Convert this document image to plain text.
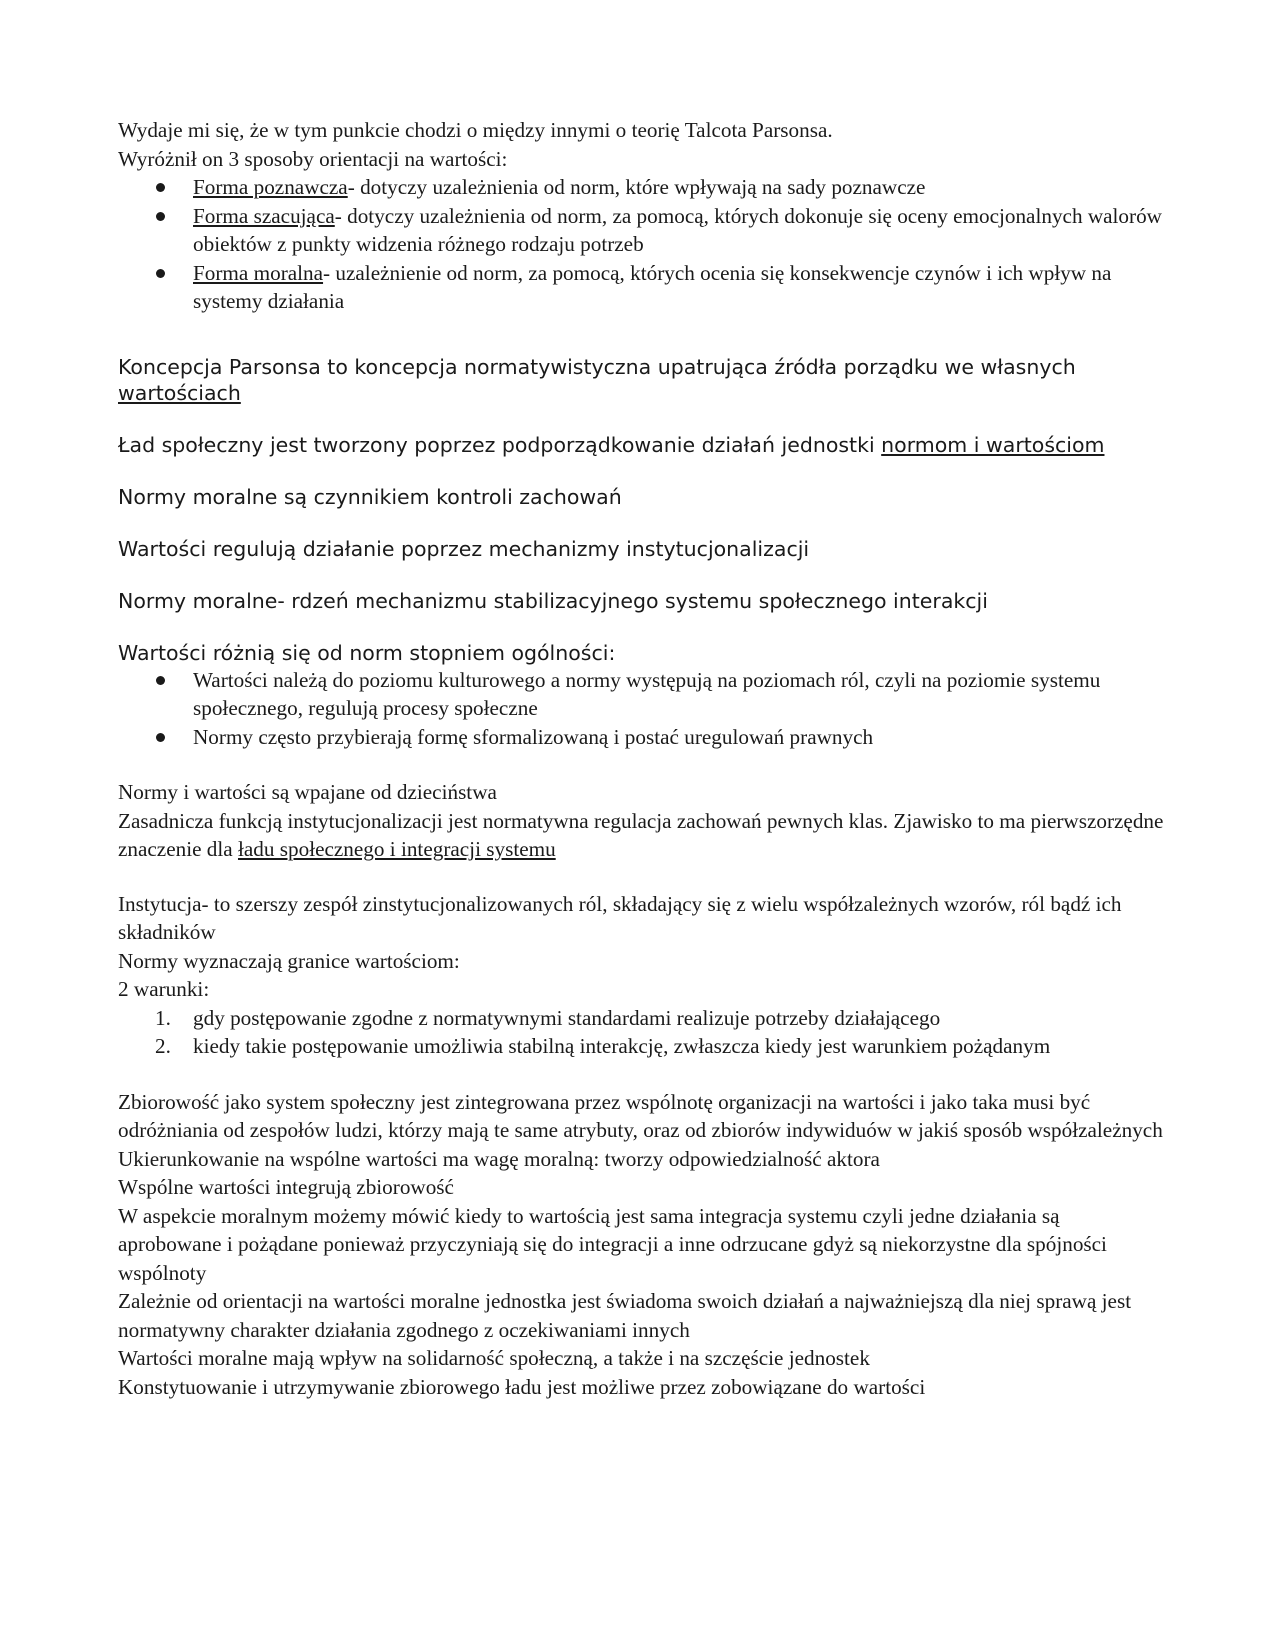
Wydaje mi się, że w tym punkcie chodzi o między innymi o teorię Talcota Parsonsa.

Wyróżnił on 3 sposoby orientacji na wartości:

Forma poznawcza- dotyczy uzależnienia od norm, które wpływają na sady poznawcze
Forma szacująca- dotyczy uzależnienia od norm, za pomocą, których dokonuje się oceny emocjonalnych walorów obiektów z punkty widzenia różnego rodzaju potrzeb
Forma moralna- uzależnienie od norm, za pomocą, których ocenia się konsekwencje czynów i ich wpływ na systemy działania

Koncepcja Parsonsa to koncepcja normatywistyczna upatrująca źródła porządku we własnych wartościach

Ład społeczny jest tworzony poprzez podporządkowanie działań jednostki normom i wartościom

Normy moralne są czynnikiem kontroli zachowań

Wartości regulują działanie poprzez mechanizmy instytucjonalizacji

Normy moralne- rdzeń mechanizmu stabilizacyjnego systemu społecznego interakcji

Wartości różnią się od norm stopniem ogólności:

Wartości należą do poziomu kulturowego a normy występują na poziomach ról, czyli na poziomie systemu społecznego, regulują procesy społeczne
Normy często przybierają formę sformalizowaną i postać uregulowań prawnych

Normy i wartości są wpajane od dzieciństwa

Zasadnicza funkcją instytucjonalizacji jest normatywna regulacja zachowań pewnych klas. Zjawisko to ma pierwszorzędne znaczenie dla ładu społecznego i integracji systemu

Instytucja- to szerszy zespół zinstytucjonalizowanych ról, składający się z wielu współzależnych wzorów, ról bądź ich składników

Normy wyznaczają granice wartościom:

2 warunki:

1. gdy postępowanie zgodne z normatywnymi standardami realizuje potrzeby działającego
2. kiedy takie postępowanie umożliwia stabilną interakcję, zwłaszcza kiedy jest warunkiem pożądanym

Zbiorowość jako system społeczny jest zintegrowana przez wspólnotę organizacji na wartości i jako taka musi być odróżniania od zespołów ludzi, którzy mają te same atrybuty, oraz od zbiorów indywiduów w jakiś sposób współzależnych

Ukierunkowanie na wspólne wartości ma wagę moralną: tworzy odpowiedzialność aktora

Wspólne wartości integrują zbiorowość

W aspekcie moralnym możemy mówić kiedy to wartością jest sama integracja systemu czyli jedne działania są aprobowane i pożądane ponieważ przyczyniają się do integracji a inne odrzucane gdyż są niekorzystne dla spójności wspólnoty

Zależnie od orientacji na wartości moralne jednostka jest świadoma swoich działań a najważniejszą dla niej sprawą jest normatywny charakter działania zgodnego z oczekiwaniami innych

Wartości moralne mają wpływ na solidarność społeczną, a także i na szczęście jednostek

Konstytuowanie i utrzymywanie zbiorowego ładu jest możliwe przez zobowiązane do wartości
